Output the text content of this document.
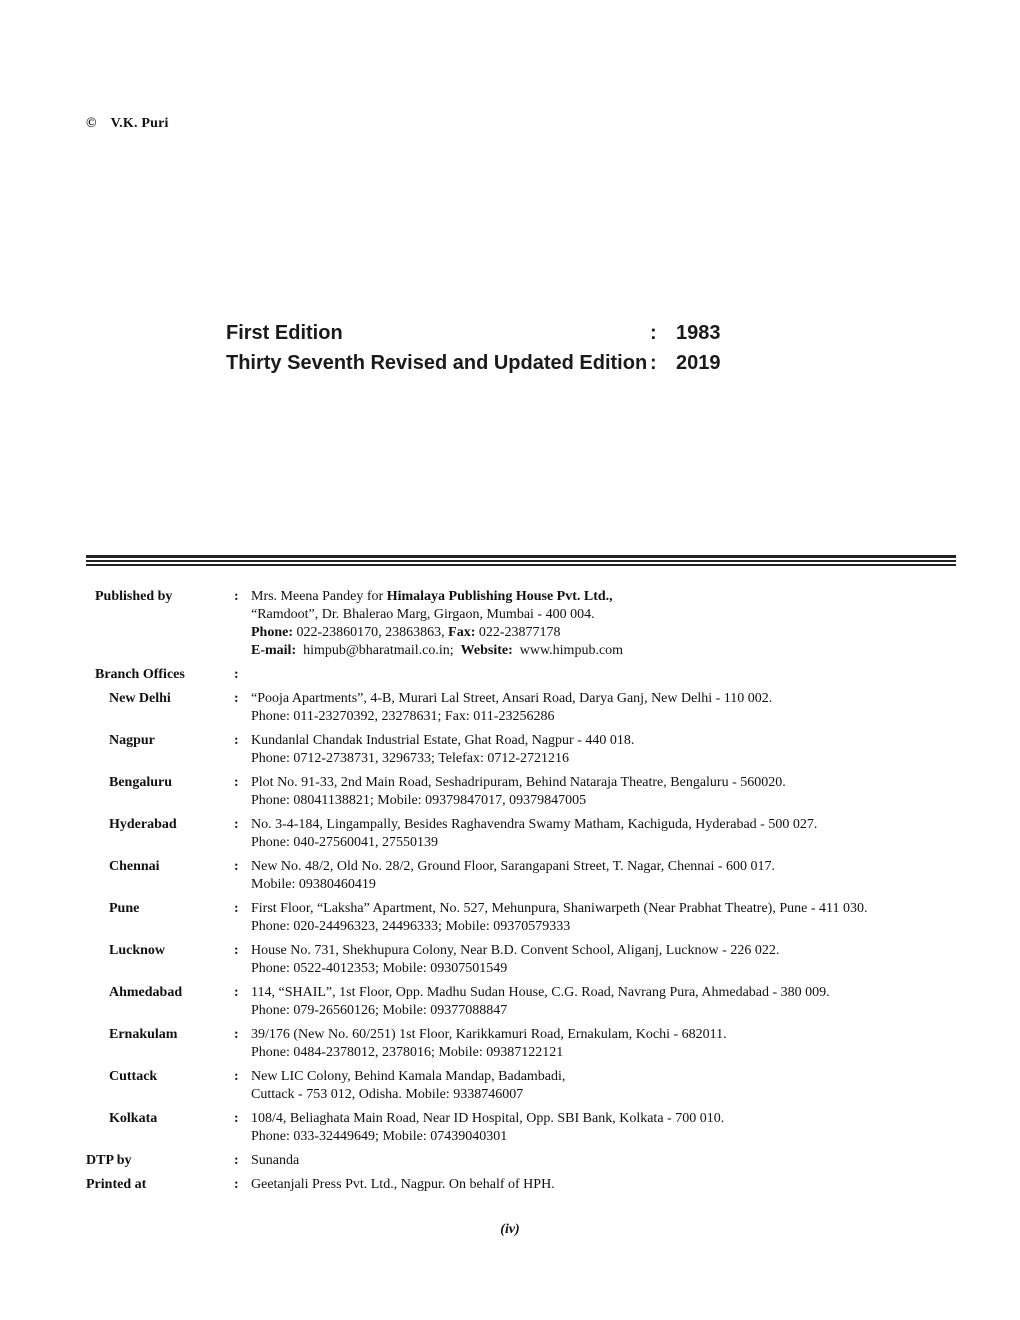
© V.K. Puri
First Edition	: 1983
Thirty Seventh Revised and Updated Edition : 2019
Published by	: Mrs. Meena Pandey for Himalaya Publishing House Pvt. Ltd.,
“Ramdoot”, Dr. Bhalerao Marg, Girgaon, Mumbai - 400 004.
Phone: 022-23860170, 23863863, Fax: 022-23877178
E-mail: himpub@bharatmail.co.in; Website: www.himpub.com
Branch Offices	:
New Delhi	: “Pooja Apartments”, 4-B, Murari Lal Street, Ansari Road, Darya Ganj, New Delhi - 110 002.
Phone: 011-23270392, 23278631; Fax: 011-23256286
Nagpur	: Kundanlal Chandak Industrial Estate, Ghat Road, Nagpur - 440 018.
Phone: 0712-2738731, 3296733; Telefax: 0712-2721216
Bengaluru	: Plot No. 91-33, 2nd Main Road, Seshadripuram, Behind Nataraja Theatre, Bengaluru - 560020.
Phone: 08041138821; Mobile: 09379847017, 09379847005
Hyderabad	: No. 3-4-184, Lingampally, Besides Raghavendra Swamy Matham, Kachiguda, Hyderabad - 500 027.
Phone: 040-27560041, 27550139
Chennai	: New No. 48/2, Old No. 28/2, Ground Floor, Sarangapani Street, T. Nagar, Chennai - 600 017.
Mobile: 09380460419
Pune	: First Floor, “Laksha” Apartment, No. 527, Mehunpura, Shaniwarpeth (Near Prabhat Theatre), Pune - 411 030.
Phone: 020-24496323, 24496333; Mobile: 09370579333
Lucknow	: House No. 731, Shekhupura Colony, Near B.D. Convent School, Aliganj, Lucknow - 226 022.
Phone: 0522-4012353; Mobile: 09307501549
Ahmedabad	: 114, “SHAIL”, 1st Floor, Opp. Madhu Sudan House, C.G. Road, Navrang Pura, Ahmedabad - 380 009.
Phone: 079-26560126; Mobile: 09377088847
Ernakulam	: 39/176 (New No. 60/251) 1st Floor, Karikkamuri Road, Ernakulam, Kochi - 682011.
Phone: 0484-2378012, 2378016; Mobile: 09387122121
Cuttack	: New LIC Colony, Behind Kamala Mandap, Badambadi,
Cuttack - 753 012, Odisha. Mobile: 9338746007
Kolkata	: 108/4, Beliaghata Main Road, Near ID Hospital, Opp. SBI Bank, Kolkata - 700 010.
Phone: 033-32449649; Mobile: 07439040301
DTP by	: Sunanda
Printed at	: Geetanjali Press Pvt. Ltd., Nagpur. On behalf of HPH.
(iv)
